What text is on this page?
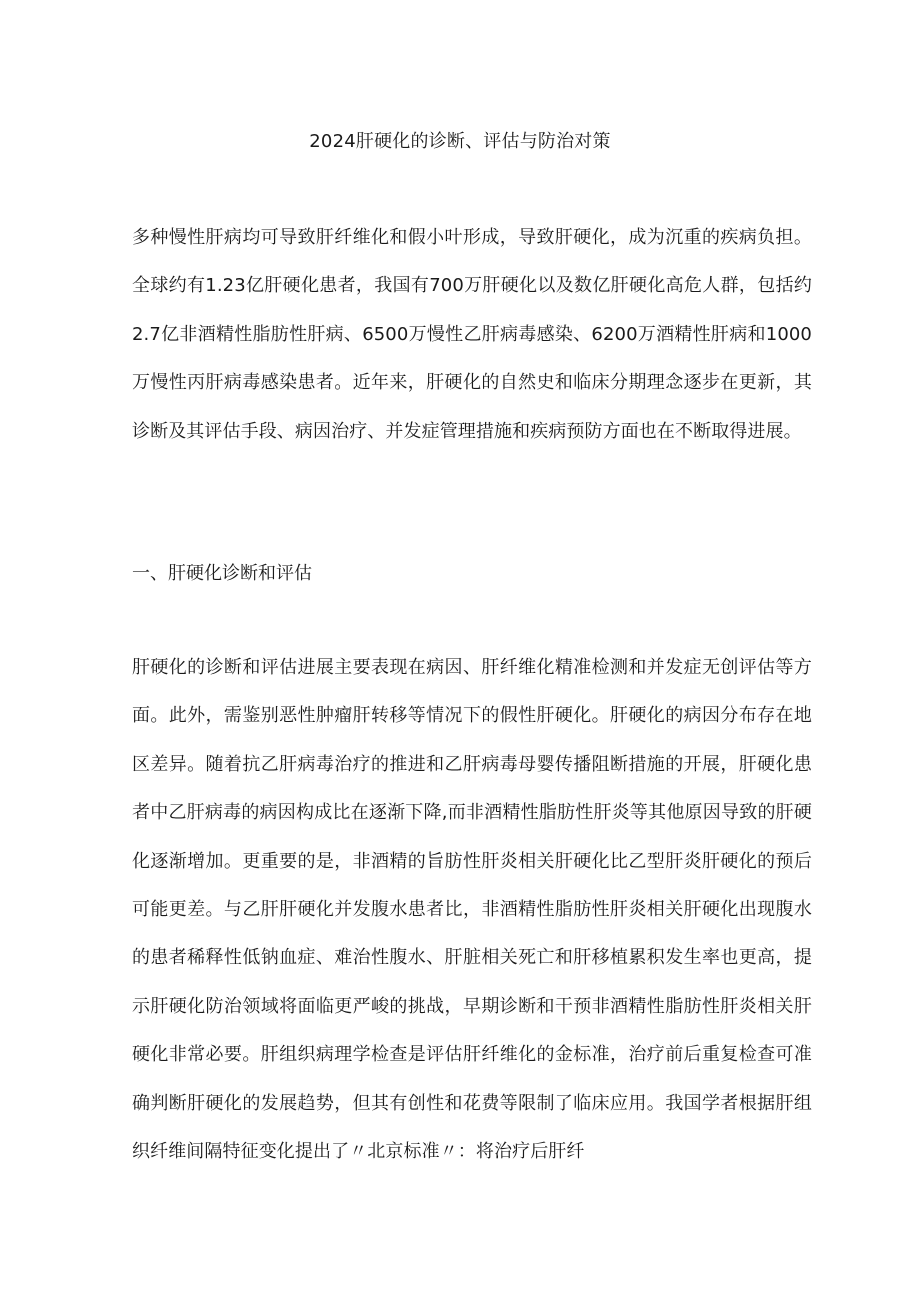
2024肝硬化的诊断、评估与防治对策

多种慢性肝病均可导致肝纤维化和假小叶形成，导致肝硬化，成为沉重的疾病负担。全球约有1.23亿肝硬化患者，我国有700万肝硬化以及数亿肝硬化高危人群，包括约2.7亿非酒精性脂肪性肝病、6500万慢性乙肝病毒感染、6200万酒精性肝病和1000万慢性丙肝病毒感染患者。近年来，肝硬化的自然史和临床分期理念逐步在更新，其诊断及其评估手段、病因治疗、并发症管理措施和疾病预防方面也在不断取得进展。

一、肝硬化诊断和评估

肝硬化的诊断和评估进展主要表现在病因、肝纤维化精准检测和并发症无创评估等方面。此外，需鉴别恶性肿瘤肝转移等情况下的假性肝硬化。肝硬化的病因分布存在地区差异。随着抗乙肝病毒治疗的推进和乙肝病毒母婴传播阻断措施的开展，肝硬化患者中乙肝病毒的病因构成比在逐渐下降,而非酒精性脂肪性肝炎等其他原因导致的肝硬化逐渐增加。更重要的是，非酒精的旨肪性肝炎相关肝硬化比乙型肝炎肝硬化的预后可能更差。与乙肝肝硬化并发腹水患者比，非酒精性脂肪性肝炎相关肝硬化出现腹水的患者稀释性低钠血症、难治性腹水、肝脏相关死亡和肝移植累积发生率也更高，提示肝硬化防治领域将面临更严峻的挑战，早期诊断和干预非酒精性脂肪性肝炎相关肝硬化非常必要。肝组织病理学检查是评估肝纤维化的金标准，治疗前后重复检查可准确判断肝硬化的发展趋势，但其有创性和花费等限制了临床应用。我国学者根据肝组织纤维间隔特征变化提出了〃北京标准〃：将治疗后肝纤
